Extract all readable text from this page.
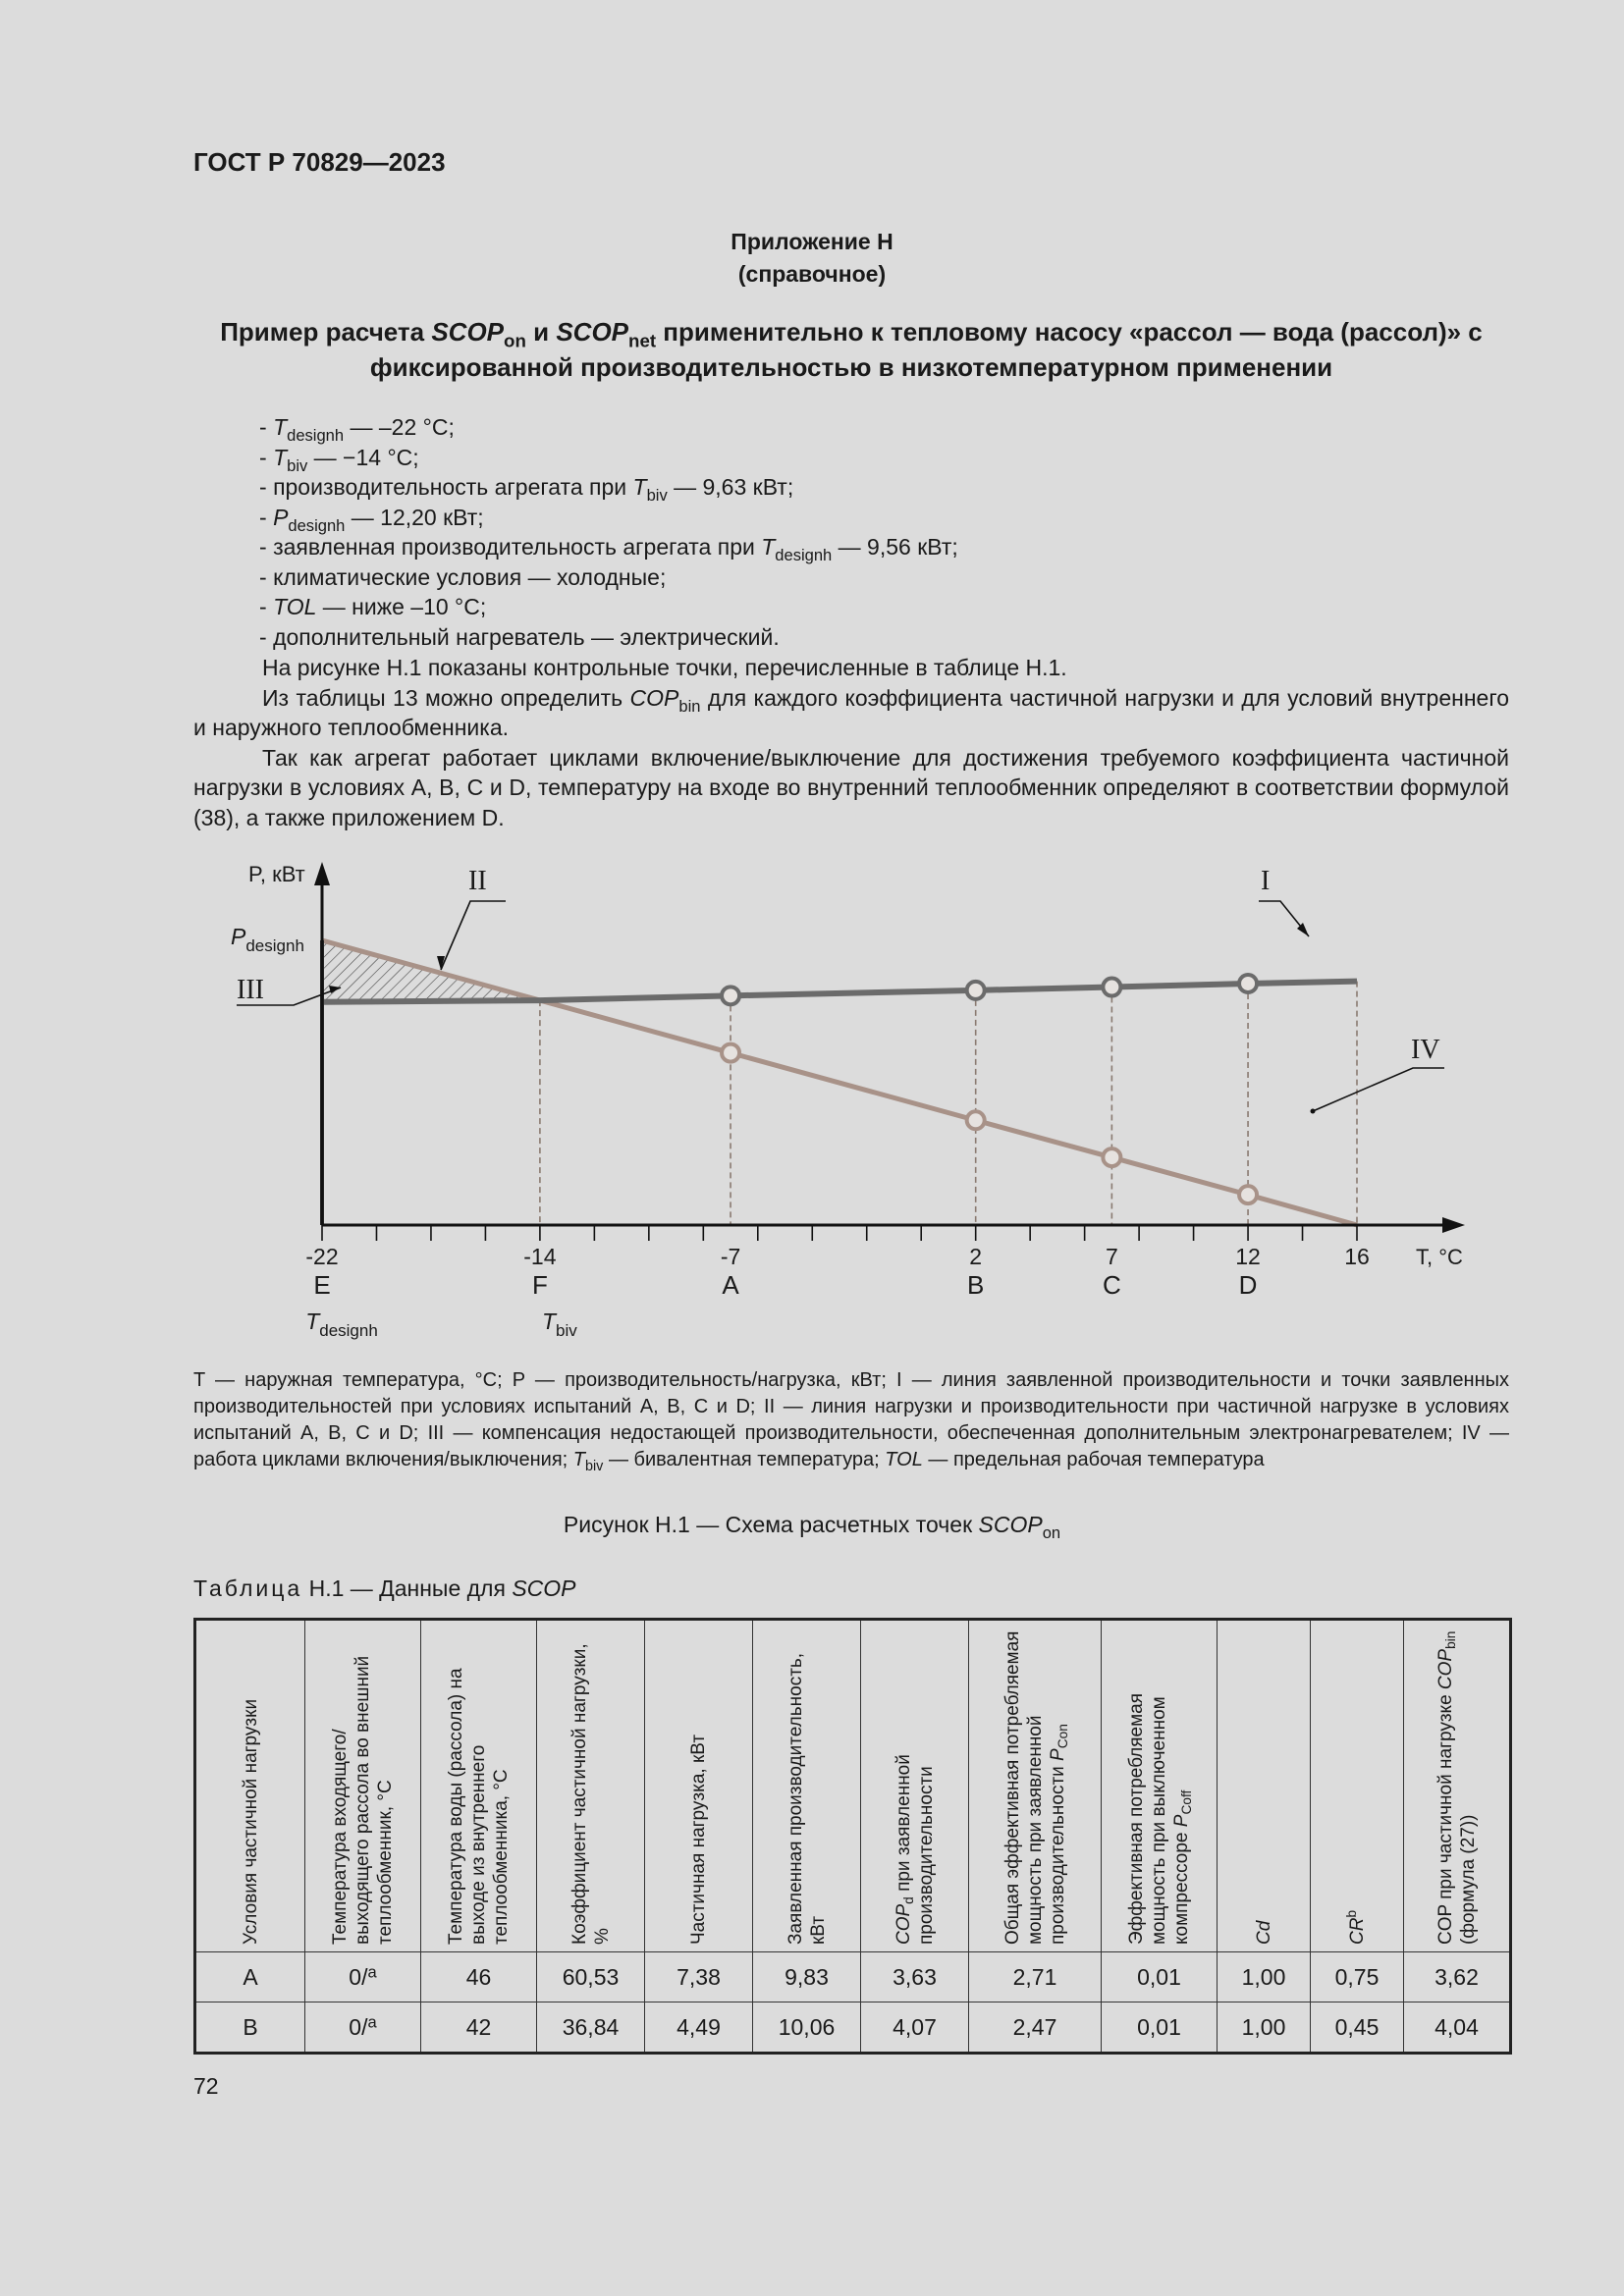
ГОСТ Р 70829—2023
Приложение Н
(справочное)
Пример расчета $SCOP_{on}$ и $SCOP_{net}$ применительно к тепловому насосу «рассол — вода (рассол)» с фиксированной производительностью в низкотемпературном применении
- $T_{designh}$ — –22 °C;
- $T_{biv}$ — −14 °C;
- производительность агрегата при $T_{biv}$ — 9,63 кВт;
- $P_{designh}$ — 12,20 кВт;
- заявленная производительность агрегата при $T_{designh}$ — 9,56 кВт;
- климатические условия — холодные;
- TOL — ниже –10 °C;
- дополнительный нагреватель — электрический.

На рисунке Н.1 показаны контрольные точки, перечисленные в таблице Н.1.

Из таблицы 13 можно определить $COP_{bin}$ для каждого коэффициента частичной нагрузки и для условий внутреннего и наружного теплообменника.

Так как агрегат работает циклами включение/выключение для достижения требуемого коэффициента частичной нагрузки в условиях A, B, C и D, температуру на входе во внутренний теплообменник определяют в соответствии формулой (38), а также приложением D.

-22	-14	-7	2	7	12	16
E
$T_{designh}$
F
$T_{biv}$
A	B	C	D
P, кВт
T, °C
$P_{designh}$
I
II
III
IV
T — наружная температура, °C; P — производительность/нагрузка, кВт; I — линия заявленной производительности и точки заявленных производительностей при условиях испытаний A, B, C и D; II — линия нагрузки и производительности при частичной нагрузке в условиях испытаний A, B, C и D; III — компенсация недостающей производительности, обеспеченная дополнительным электронагревателем; IV — работа циклами включения/выключения; $T_{biv}$ — бивалентная температура; TOL — предельная рабочая температура
Рисунок Н.1 — Схема расчетных точек $SCOP_{on}$
Таблица Н.1 — Данные для SCOP
Условия частичной нагрузки	Температура входящего/ выходящего рассола во внешний теплообменник, °C	Температура воды (рассола) на выходе из внутреннего теплообменника, °C	Коэффициент частичной нагрузки, %	Частичная нагрузка, кВт	Заявленная производительность, кВт	$COP_d$ при заявленной производительности	Общая эффективная потребляемая мощность при заявленной производительности $P_{Con}$	Эффективная потребляемая мощность при выключенном компрессоре $P_{Coff}$	Cd	$CR^b$	COP при частичной нагрузке $COP_{bin}$ (формула (27))

A	0/$^a$	46	60,53	7,38	9,83	3,63	2,71	0,01	1,00	0,75	3,62
B	0/$^a$	42	36,84	4,49	10,06	4,07	2,47	0,01	1,00	0,45	4,04
72
